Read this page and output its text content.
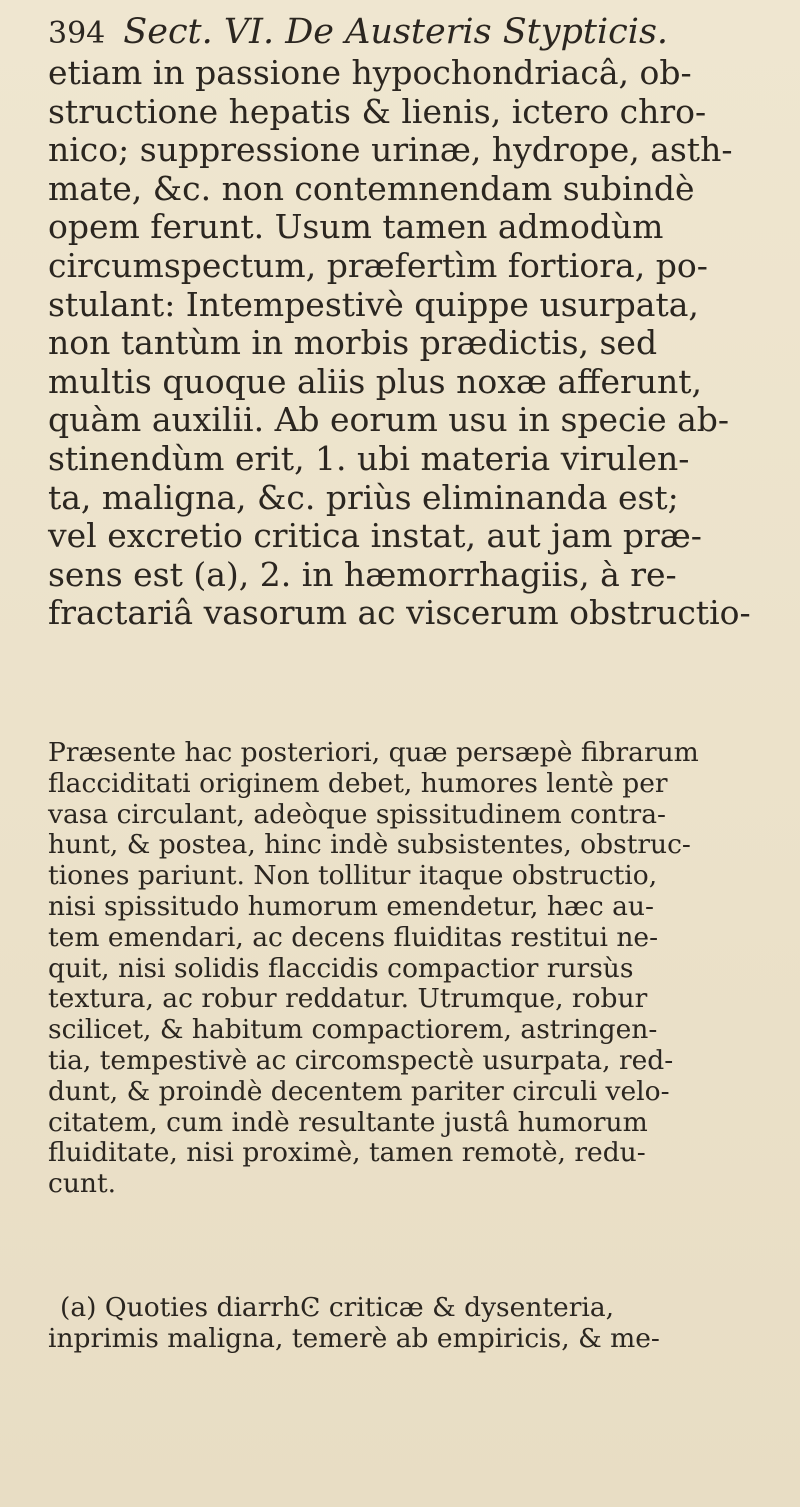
394 Sect. VI. De Austeris Stypticis.
etiam in passione hypochondriacâ, ob-
structione hepatis & lienis, ictero chro-
nico; suppressione urinæ, hydrope, asth-
mate, &c. non contemnendam subindè
opem ferunt. Usum tamen admodùm
circumspectum, præfertìm fortiora, po-
stulant: Intempestivè quippe usurpata,
non tantùm in morbis prædictis, sed
multis quoque aliis plus noxæ afferunt,
quàm auxilii. Ab eorum usu in specie ab-
stinendùm erit, 1. ubi materia virulen-
ta, maligna, &c. priùs eliminanda est;
vel excretio critica instat, aut jam præ-
sens est (a), 2. in hæmorrhagiis, à re-
fractariâ vasorum ac viscerum obstructio-
Præsente hac posteriori, quæ persæpè fibrarum
flacciditati originem debet, humores lentè per
vasa circulant, adeòque spissitudinem contra-
hunt, & postea, hinc indè subsistentes, obstruc-
tiones pariunt. Non tollitur itaque obstructio,
nisi spissitudo humorum emendetur, hæc au-
tem emendari, ac decens fluiditas restitui ne-
quit, nisi solidis flaccidis compactior rursùs
textura, ac robur reddatur. Utrumque, robur
scilicet, & habitum compactiorem, astringen-
tia, tempestivè ac circomspectè usurpata, red-
dunt, & proindè decentem pariter circuli velo-
citatem, cum indè resultante justâ humorum
fluiditate, nisi proximè, tamen remotè, redu-
cunt.
(a) Quoties diarrhϾ criticæ & dysenteria,
inprimis maligna, temerè ab empiricis, & me-
